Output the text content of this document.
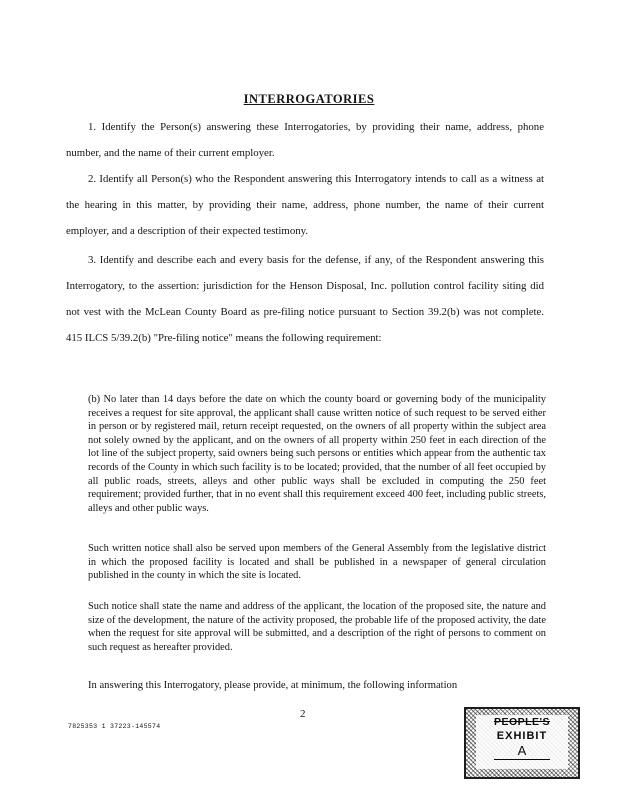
INTERROGATORIES

1. Identify the Person(s) answering these Interrogatories, by providing their name, address, phone number, and the name of their current employer.

2. Identify all Person(s) who the Respondent answering this Interrogatory intends to call as a witness at the hearing in this matter, by providing their name, address, phone number, the name of their current employer, and a description of their expected testimony.

3. Identify and describe each and every basis for the defense, if any, of the Respondent answering this Interrogatory, to the assertion: jurisdiction for the Henson Disposal, Inc. pollution control facility siting did not vest with the McLean County Board as pre-filing notice pursuant to Section 39.2(b) was not complete. 415 ILCS 5/39.2(b) "Pre-filing notice" means the following requirement:

(b) No later than 14 days before the date on which the county board or governing body of the municipality receives a request for site approval, the applicant shall cause written notice of such request to be served either in person or by registered mail, return receipt requested, on the owners of all property within the subject area not solely owned by the applicant, and on the owners of all property within 250 feet in each direction of the lot line of the subject property, said owners being such persons or entities which appear from the authentic tax records of the County in which such facility is to be located; provided, that the number of all feet occupied by all public roads, streets, alleys and other public ways shall be excluded in computing the 250 feet requirement; provided further, that in no event shall this requirement exceed 400 feet, including public streets, alleys and other public ways.

Such written notice shall also be served upon members of the General Assembly from the legislative district in which the proposed facility is located and shall be published in a newspaper of general circulation published in the county in which the site is located.

Such notice shall state the name and address of the applicant, the location of the proposed site, the nature and size of the development, the nature of the activity proposed, the probable life of the proposed activity, the date when the request for site approval will be submitted, and a description of the right of persons to comment on such request as hereafter provided.

In answering this Interrogatory, please provide, at minimum, the following information

2
7825353 1 37223-145574	PEOPLE'S
EXHIBIT
A
